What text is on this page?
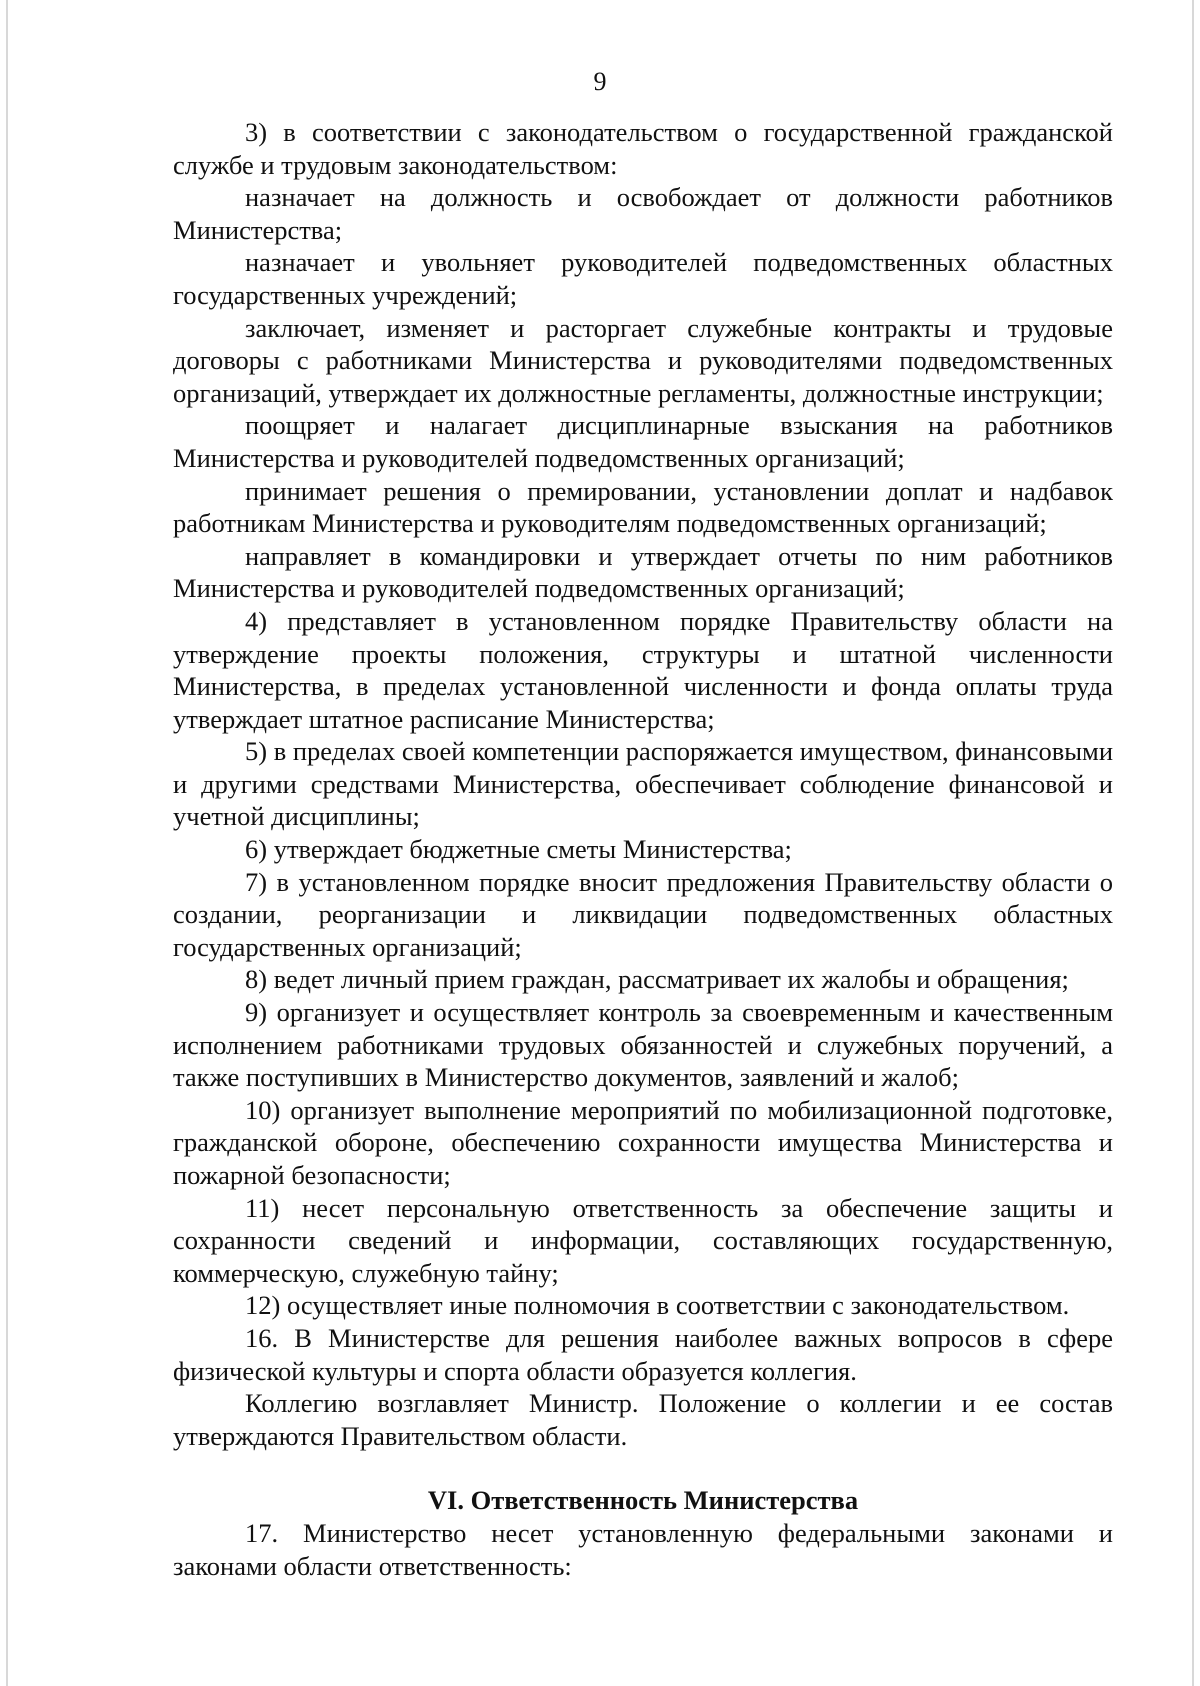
9

3) в соответствии с законодательством о государственной гражданской службе и трудовым законодательством:

назначает на должность и освобождает от должности работников Министерства;

назначает и увольняет руководителей подведомственных областных государственных учреждений;

заключает, изменяет и расторгает служебные контракты и трудовые договоры с работниками Министерства и руководителями подведомственных организаций, утверждает их должностные регламенты, должностные инструкции;

поощряет и налагает дисциплинарные взыскания на работников Министерства и руководителей подведомственных организаций;

принимает решения о премировании, установлении доплат и надбавок работникам Министерства и руководителям подведомственных организаций;

направляет в командировки и утверждает отчеты по ним работников Министерства и руководителей подведомственных организаций;

4) представляет в установленном порядке Правительству области на утверждение проекты положения, структуры и штатной численности Министерства, в пределах установленной численности и фонда оплаты труда утверждает штатное расписание Министерства;

5) в пределах своей компетенции распоряжается имуществом, финансовыми и другими средствами Министерства, обеспечивает соблюдение финансовой и учетной дисциплины;

6) утверждает бюджетные сметы Министерства;

7) в установленном порядке вносит предложения Правительству области о создании, реорганизации и ликвидации подведомственных областных государственных организаций;

8) ведет личный прием граждан, рассматривает их жалобы и обращения;

9) организует и осуществляет контроль за своевременным и качественным исполнением работниками трудовых обязанностей и служебных поручений, а также поступивших в Министерство документов, заявлений и жалоб;

10) организует выполнение мероприятий по мобилизационной подготовке, гражданской обороне, обеспечению сохранности имущества Министерства и пожарной безопасности;

11) несет персональную ответственность за обеспечение защиты и сохранности сведений и информации, составляющих государственную, коммерческую, служебную тайну;

12) осуществляет иные полномочия в соответствии с законодательством.

16. В Министерстве для решения наиболее важных вопросов в сфере физической культуры и спорта области образуется коллегия.

Коллегию возглавляет Министр. Положение о коллегии и ее состав утверждаются Правительством области.

VI. Ответственность Министерства

17. Министерство несет установленную федеральными законами и законами области ответственность:
